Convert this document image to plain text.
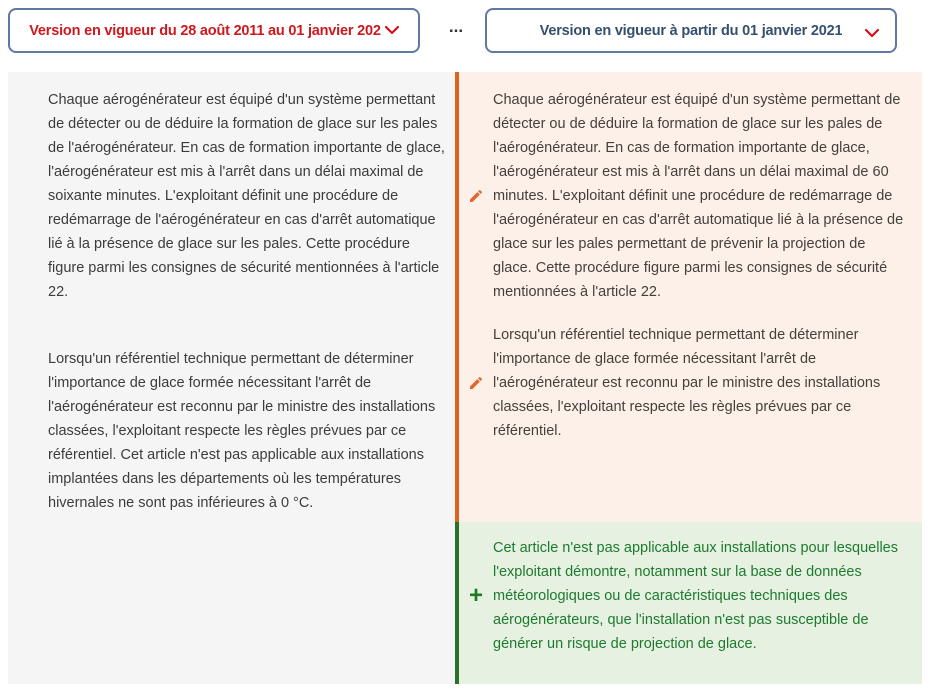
Version en vigueur du 28 août 2011 au 01 janvier 202	...	Version en vigueur à partir du 01 janvier 2021

Chaque aérogénérateur est équipé d'un système permettant de détecter ou de déduire la formation de glace sur les pales de l'aérogénérateur. En cas de formation importante de glace, l'aérogénérateur est mis à l'arrêt dans un délai maximal de soixante minutes. L'exploitant définit une procédure de redémarrage de l'aérogénérateur en cas d'arrêt automatique lié à la présence de glace sur les pales. Cette procédure figure parmi les consignes de sécurité mentionnées à l'article 22.

Lorsqu'un référentiel technique permettant de déterminer l'importance de glace formée nécessitant l'arrêt de l'aérogénérateur est reconnu par le ministre des installations classées, l'exploitant respecte les règles prévues par ce référentiel. Cet article n'est pas applicable aux installations implantées dans les départements où les températures hivernales ne sont pas inférieures à 0 °C.

Chaque aérogénérateur est équipé d'un système permettant de détecter ou de déduire la formation de glace sur les pales de l'aérogénérateur. En cas de formation importante de glace, l'aérogénérateur est mis à l'arrêt dans un délai maximal de 60 minutes. L'exploitant définit une procédure de redémarrage de l'aérogénérateur en cas d'arrêt automatique lié à la présence de glace sur les pales permettant de prévenir la projection de glace. Cette procédure figure parmi les consignes de sécurité mentionnées à l'article 22.

Lorsqu'un référentiel technique permettant de déterminer l'importance de glace formée nécessitant l'arrêt de l'aérogénérateur est reconnu par le ministre des installations classées, l'exploitant respecte les règles prévues par ce référentiel.

+

Cet article n'est pas applicable aux installations pour lesquelles l'exploitant démontre, notamment sur la base de données météorologiques ou de caractéristiques techniques des aérogénérateurs, que l'installation n'est pas susceptible de générer un risque de projection de glace.
